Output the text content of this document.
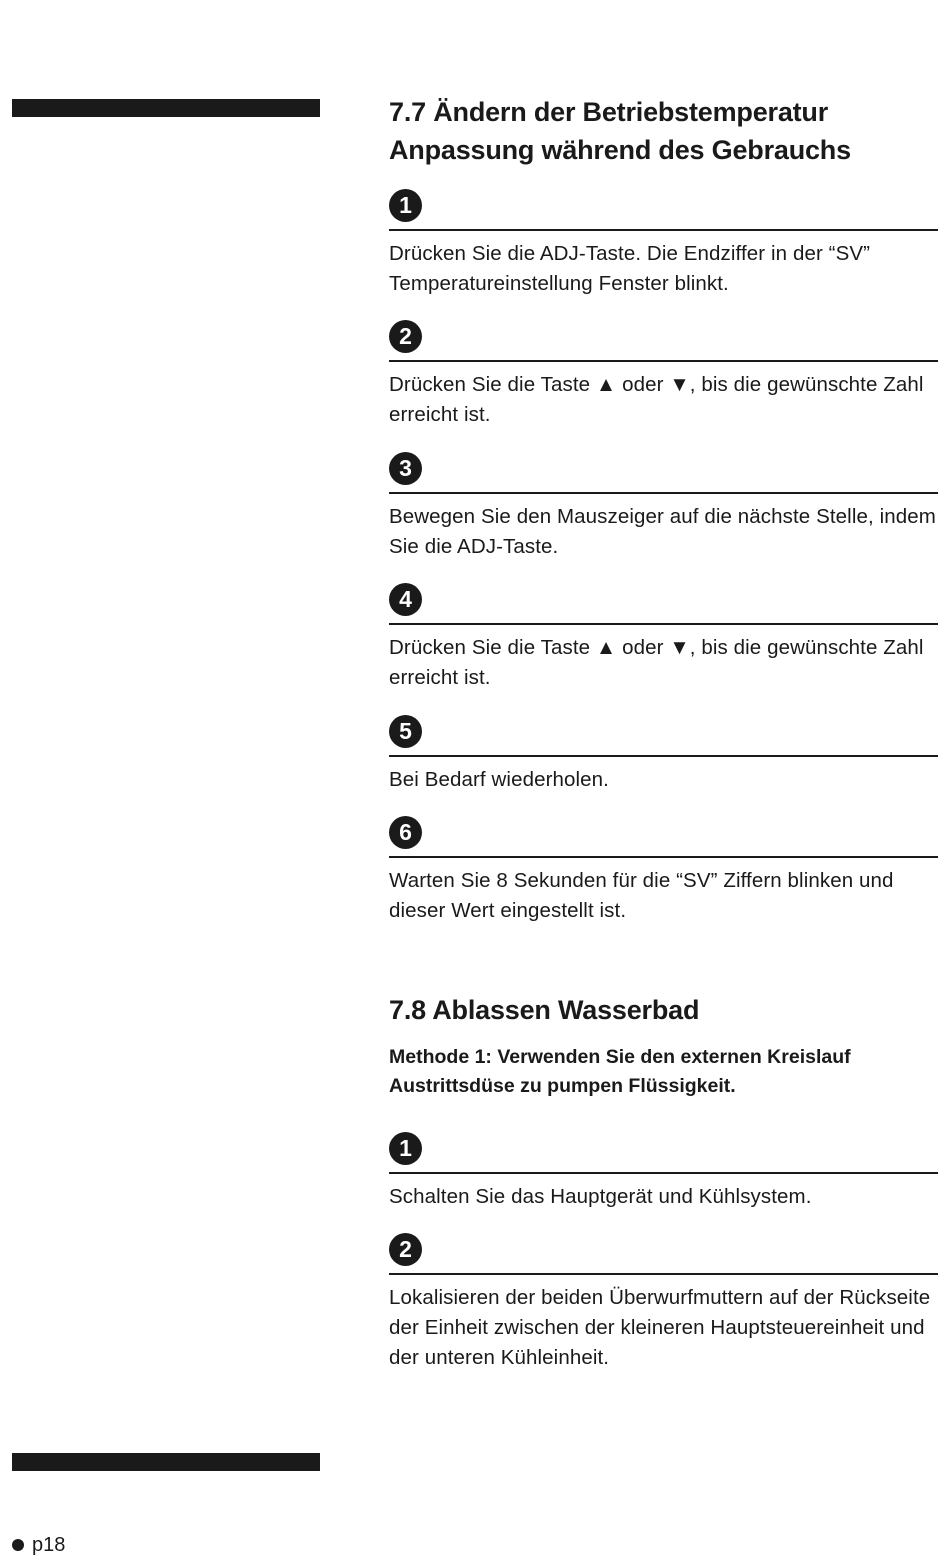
7.7 Ändern der Betriebstemperatur
Anpassung während des Gebrauchs
1
Drücken Sie die ADJ-Taste. Die Endziffer in der “SV” Temperatureinstellung Fenster blinkt.
2
Drücken Sie die Taste ▲ oder ▼, bis die gewünschte Zahl erreicht ist.
3
Bewegen Sie den Mauszeiger auf die nächste Stelle, indem Sie die ADJ-Taste.
4
Drücken Sie die Taste ▲ oder ▼, bis die gewünschte Zahl erreicht ist.
5
Bei Bedarf wiederholen.
6
Warten Sie 8 Sekunden für die “SV” Ziffern blinken und dieser Wert eingestellt ist.
7.8 Ablassen Wasserbad
Methode 1: Verwenden Sie den externen Kreislauf Austrittsdüse zu pumpen Flüssigkeit.
1
Schalten Sie das Hauptgerät und Kühlsystem.
2
Lokalisieren der beiden Überwurfmuttern auf der Rückseite der Einheit zwischen der kleineren Hauptsteuereinheit und der unteren Kühleinheit.
p18
